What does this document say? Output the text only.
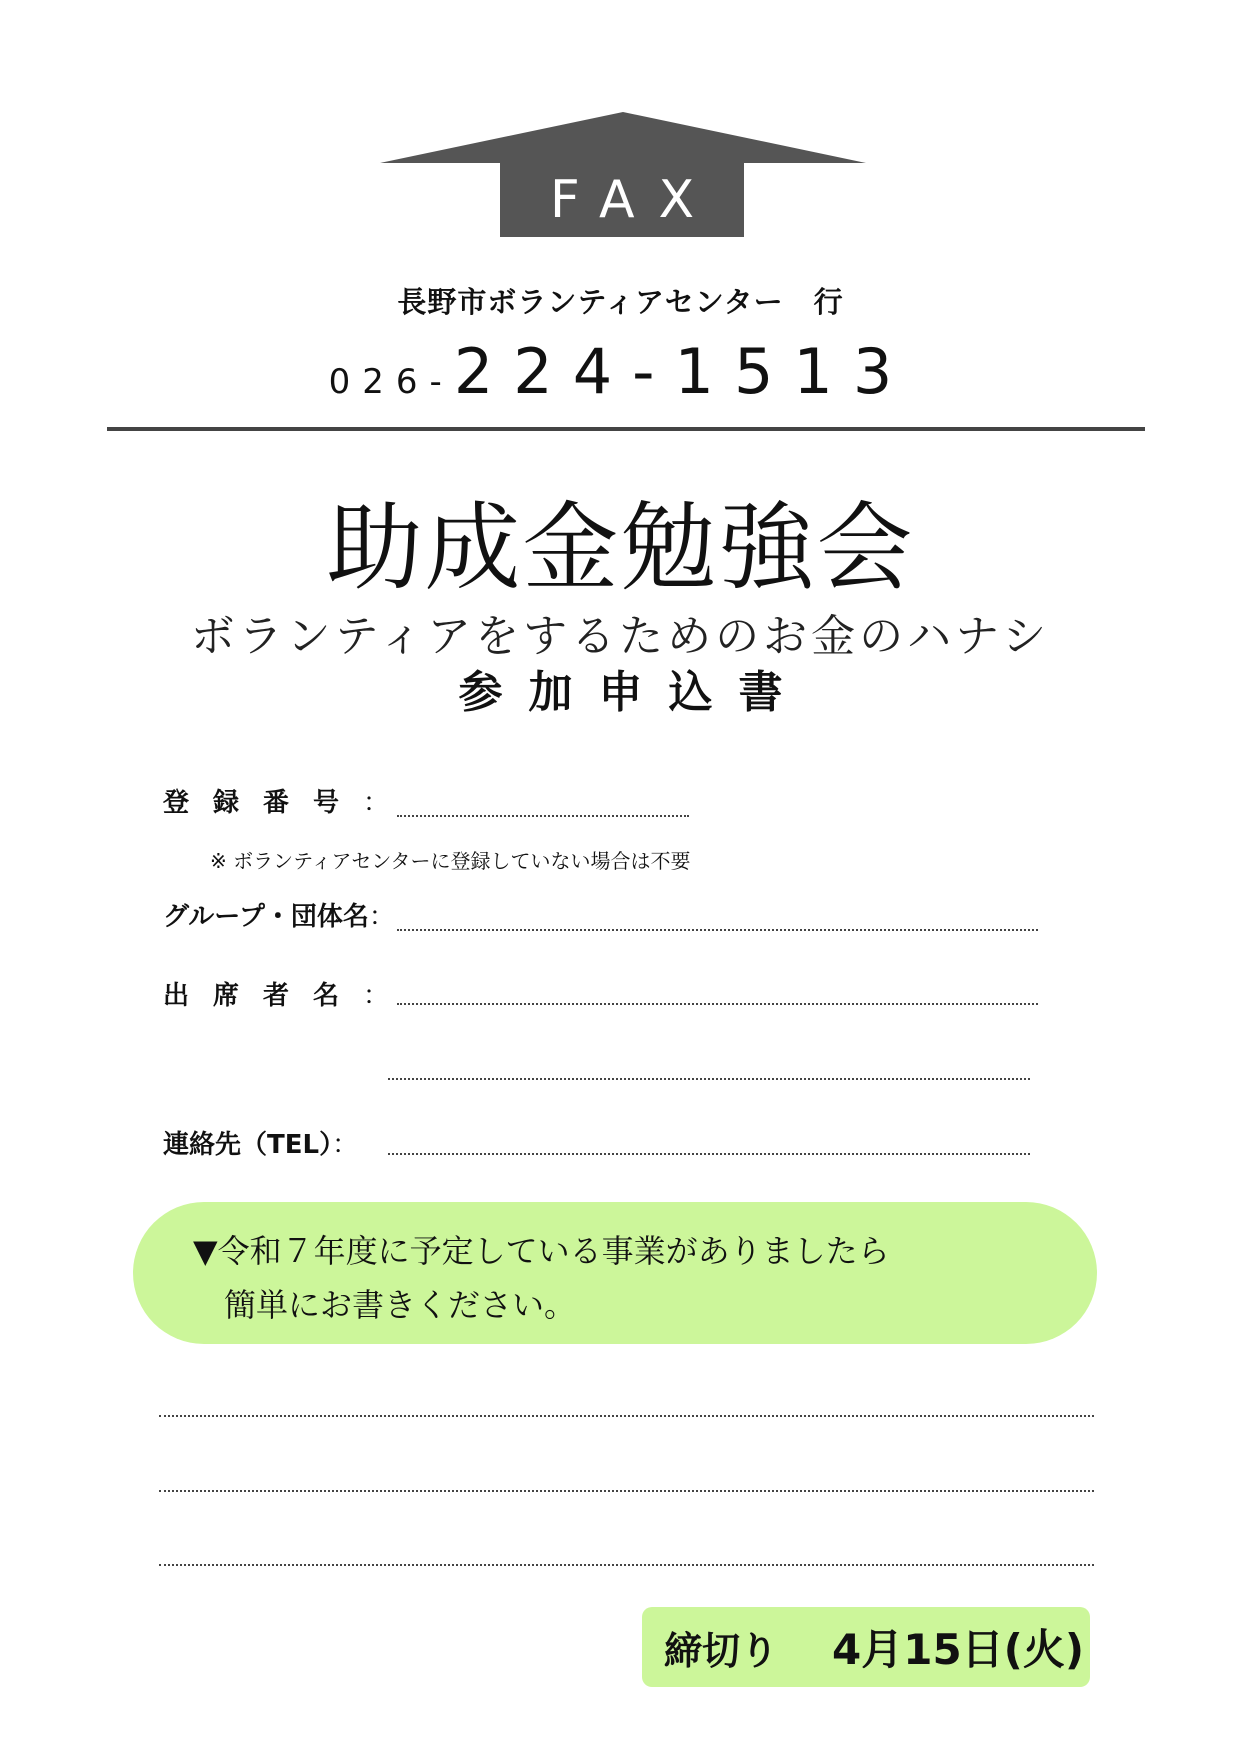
FAX
長野市ボランティアセンター　行
026-224-1513
助成金勉強会
ボランティアをするためのお金のハナシ
参加申込書
登録番号：
※ ボランティアセンターに登録していない場合は不要
グループ・団体名：
出席者名：
連絡先（TEL）：
▼令和７年度に予定している事業がありましたら
簡単にお書きください。
締切り 4月15日(火)
